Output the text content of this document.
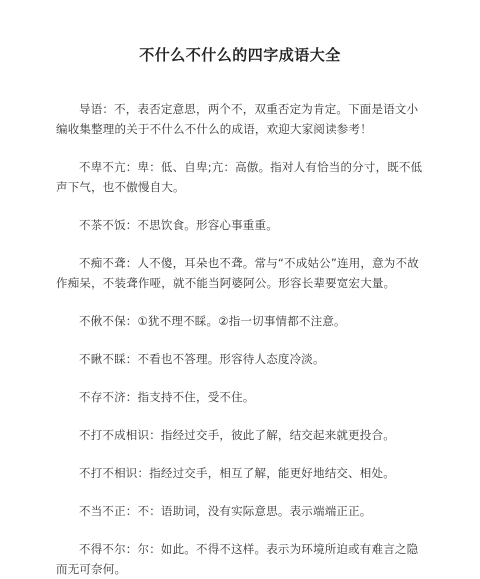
不什么不什么的四字成语大全

导语：不，表否定意思，两个不，双重否定为肯定。下面是语文小编收集整理的关于不什么不什么的成语，欢迎大家阅读参考！

不卑不亢：卑：低、自卑;亢：高傲。指对人有恰当的分寸，既不低声下气，也不傲慢自大。

不茶不饭：不思饮食。形容心事重重。

不痴不聋：人不傻，耳朵也不聋。常与“不成姑公”连用，意为不故作痴呆，不装聋作哑，就不能当阿婆阿公。形容长辈要宽宏大量。

不偢不保：①犹不理不睬。②指一切事情都不注意。

不瞅不睬：不看也不答理。形容待人态度冷淡。

不存不济：指支持不住，受不住。

不打不成相识：指经过交手，彼此了解，结交起来就更投合。

不打不相识：指经过交手，相互了解，能更好地结交、相处。

不当不正：不：语助词，没有实际意思。表示端端正正。

不得不尔：尔：如此。不得不这样。表示为环境所迫或有难言之隐而无可奈何。
